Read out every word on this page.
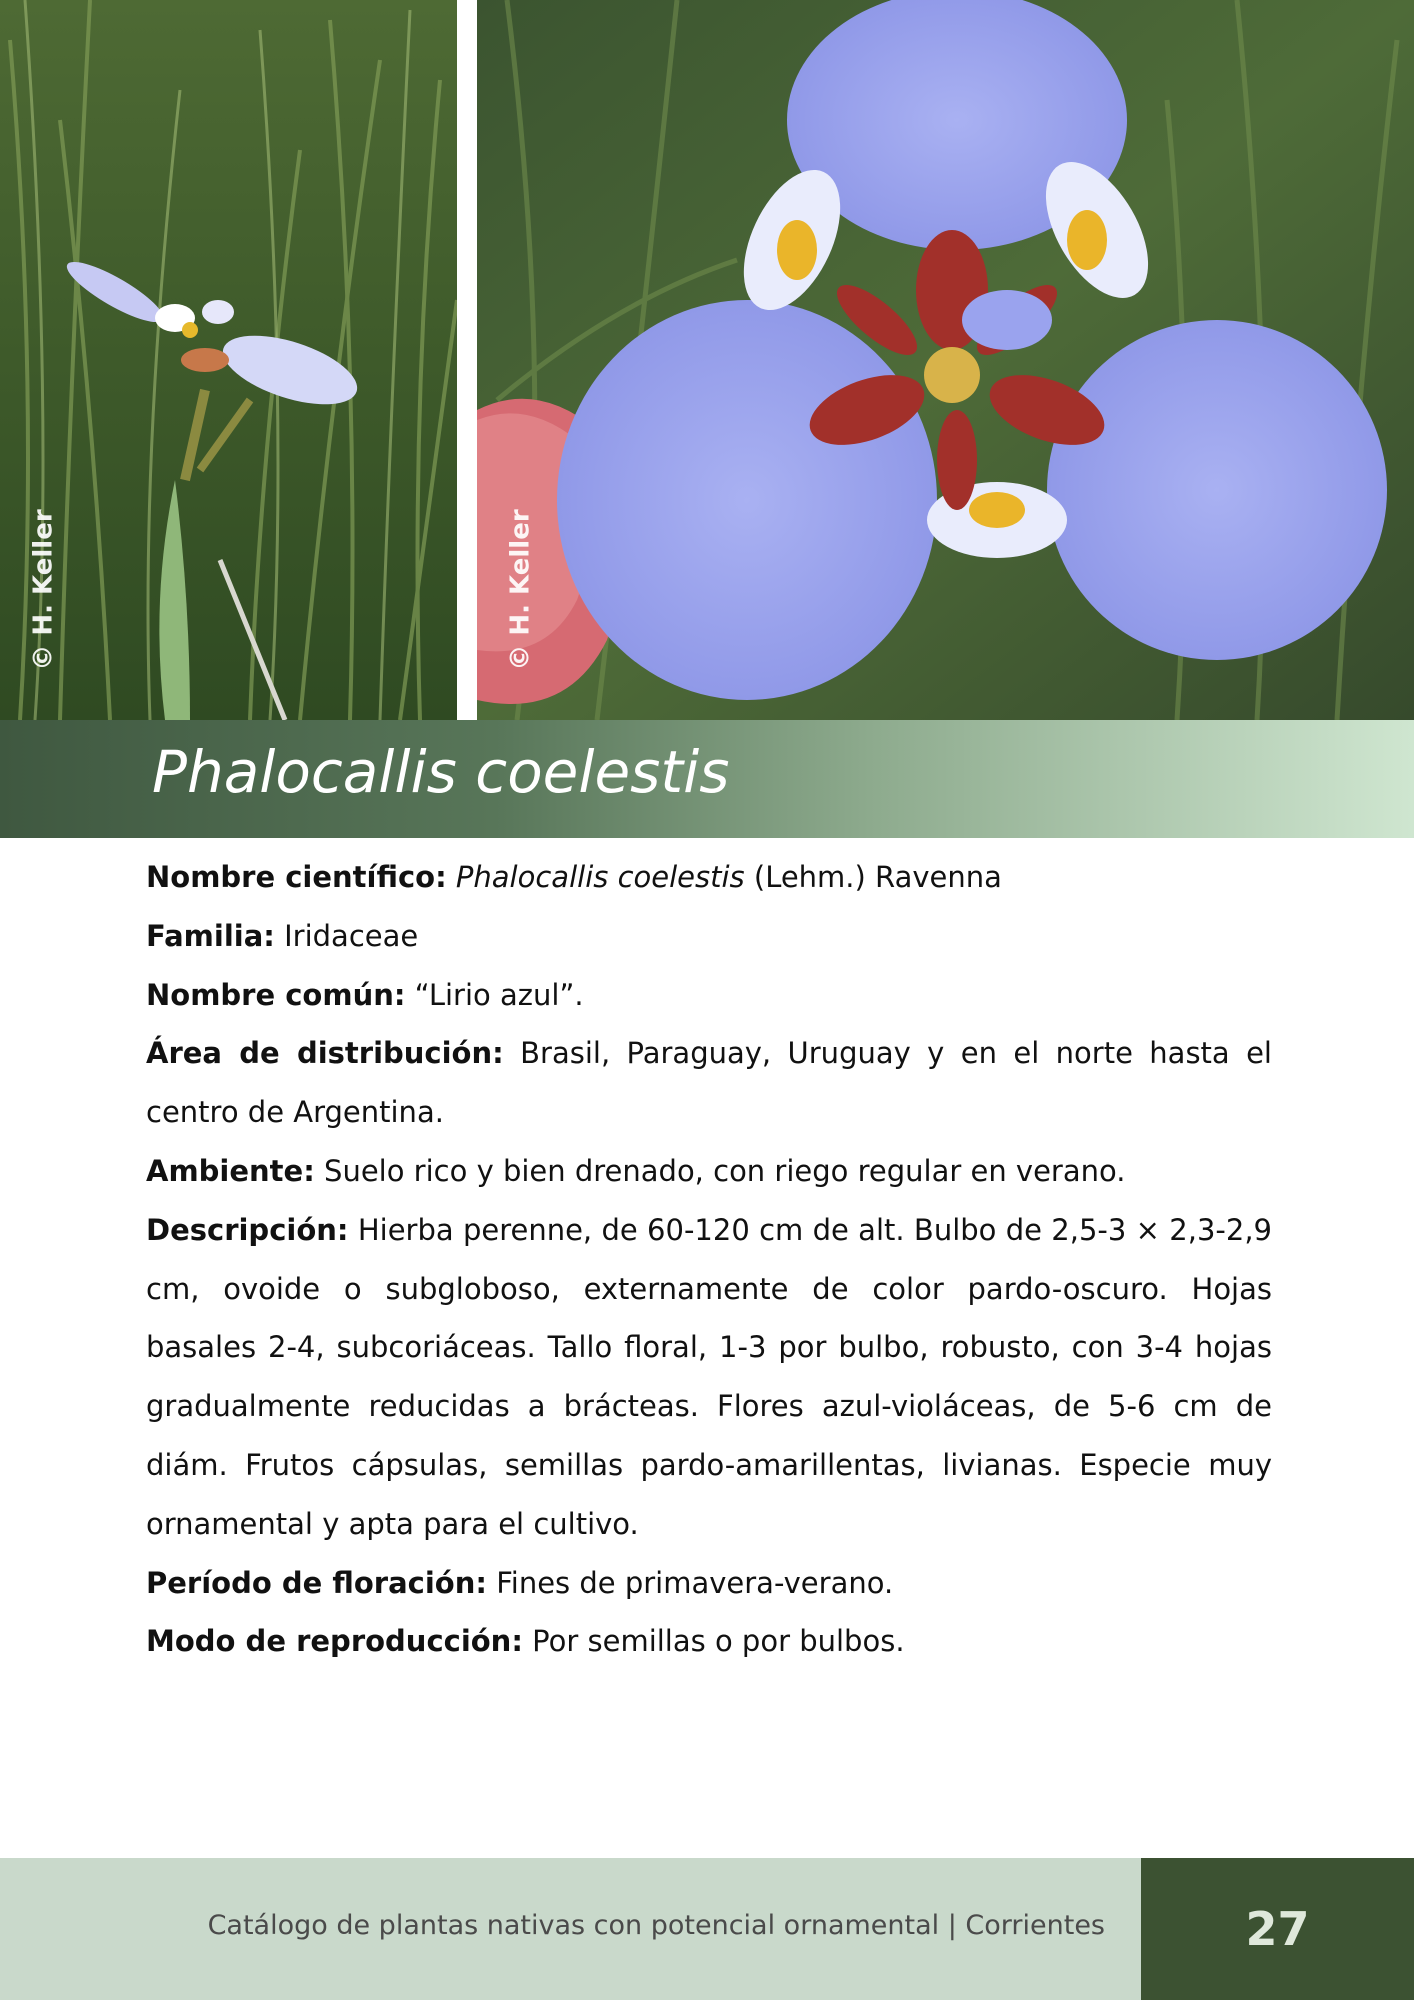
© H. Keller	© H. Keller
Phalocallis coelestis

Nombre científico: Phalocallis coelestis (Lehm.) Ravenna

Familia: Iridaceae

Nombre común: “Lirio azul”.

Área de distribución: Brasil, Paraguay, Uruguay y en el norte hasta el centro de Argentina.

Ambiente: Suelo rico y bien drenado, con riego regular en verano.

Descripción: Hierba perenne, de 60-120 cm de alt. Bulbo de 2,5-3 × 2,3-2,9 cm, ovoide o subgloboso, externamente de color pardo-oscuro. Hojas basales 2-4, subcoriáceas. Tallo floral, 1-3 por bulbo, robusto, con 3-4 hojas gradualmente reducidas a brácteas. Flores azul-violáceas, de 5-6 cm de diám. Frutos cápsulas, semillas pardo-amarillentas, livianas. Especie muy ornamental y apta para el cultivo.

Período de floración: Fines de primavera-verano.

Modo de reproducción: Por semillas o por bulbos.

Catálogo de plantas nativas con potencial ornamental | Corrientes	27
